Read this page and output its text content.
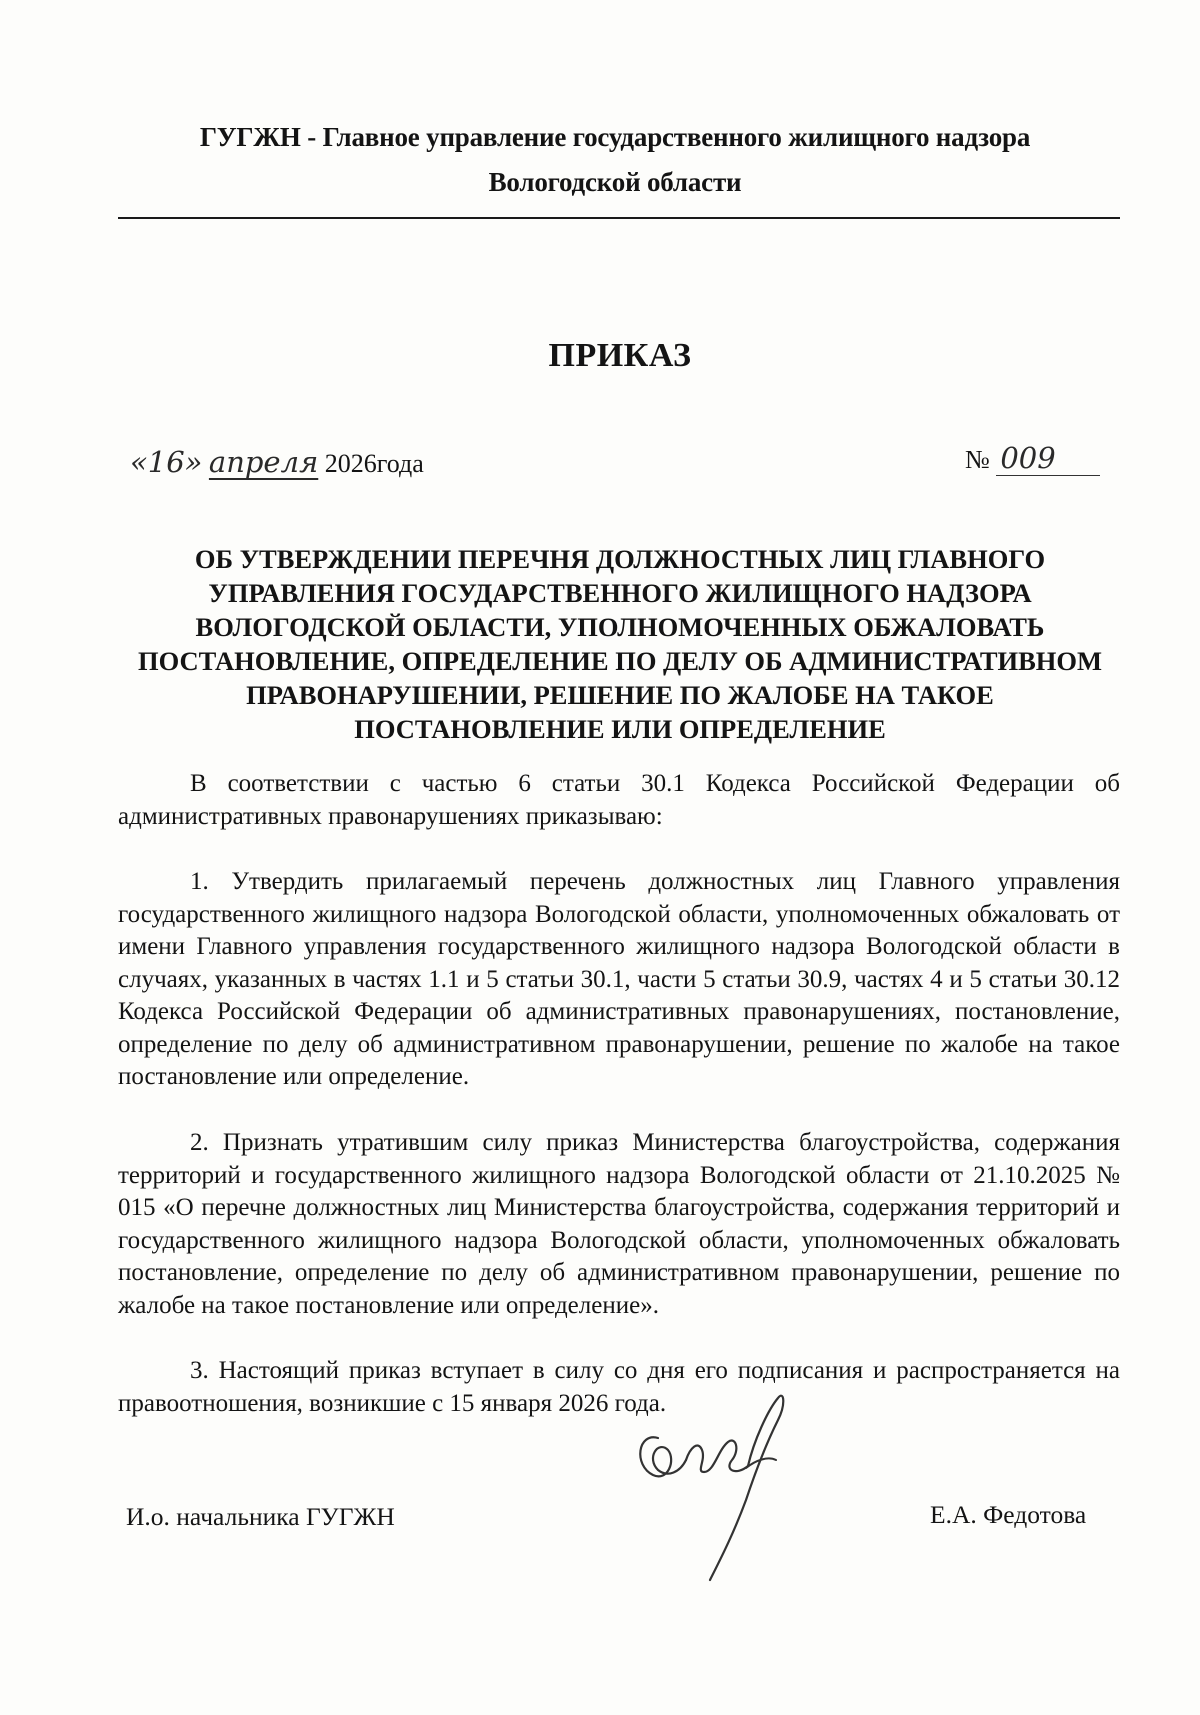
ГУГЖН - Главное управление государственного жилищного надзора
Вологодской области
ПРИКАЗ
«16» апреля 2026года	№ 009
ОБ УТВЕРЖДЕНИИ ПЕРЕЧНЯ ДОЛЖНОСТНЫХ ЛИЦ ГЛАВНОГО УПРАВЛЕНИЯ ГОСУДАРСТВЕННОГО ЖИЛИЩНОГО НАДЗОРА ВОЛОГОДСКОЙ ОБЛАСТИ, УПОЛНОМОЧЕННЫХ ОБЖАЛОВАТЬ ПОСТАНОВЛЕНИЕ, ОПРЕДЕЛЕНИЕ ПО ДЕЛУ ОБ АДМИНИСТРАТИВНОМ ПРАВОНАРУШЕНИИ, РЕШЕНИЕ ПО ЖАЛОБЕ НА ТАКОЕ ПОСТАНОВЛЕНИЕ ИЛИ ОПРЕДЕЛЕНИЕ
В соответствии с частью 6 статьи 30.1 Кодекса Российской Федерации об административных правонарушениях приказываю:
1. Утвердить прилагаемый перечень должностных лиц Главного управления государственного жилищного надзора Вологодской области, уполномоченных обжаловать от имени Главного управления государственного жилищного надзора Вологодской области в случаях, указанных в частях 1.1 и 5 статьи 30.1, части 5 статьи 30.9, частях 4 и 5 статьи 30.12 Кодекса Российской Федерации об административных правонарушениях, постановление, определение по делу об административном правонарушении, решение по жалобе на такое постановление или определение.
2. Признать утратившим силу приказ Министерства благоустройства, содержания территорий и государственного жилищного надзора Вологодской области от 21.10.2025 № 015 «О перечне должностных лиц Министерства благоустройства, содержания территорий и государственного жилищного надзора Вологодской области, уполномоченных обжаловать постановление, определение по делу об административном правонарушении, решение по жалобе на такое постановление или определение».
3. Настоящий приказ вступает в силу со дня его подписания и распространяется на правоотношения, возникшие с 15 января 2026 года.
И.о. начальника ГУГЖН	Е.А. Федотова
